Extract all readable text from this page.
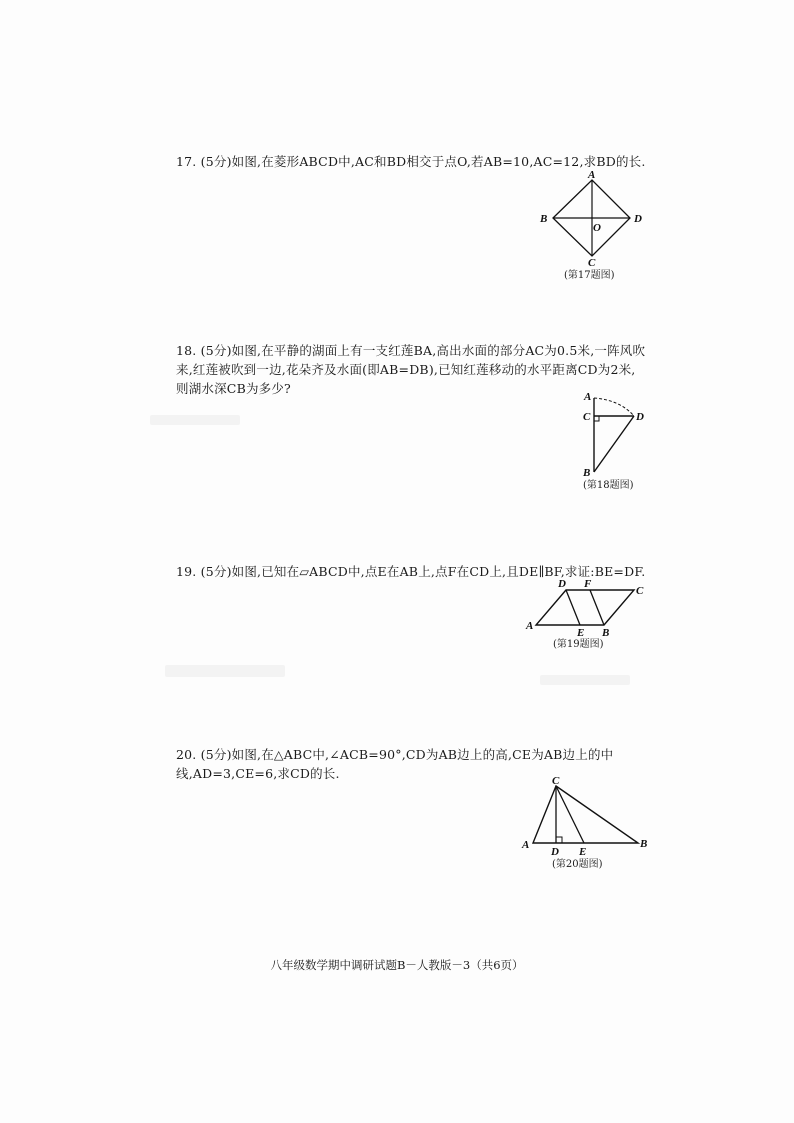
17. (5分)如图,在菱形ABCD中,AC和BD相交于点O,若AB=10,AC=12,求BD的长.
A
B
C
D
O
(第17题图)
18. (5分)如图,在平静的湖面上有一支红莲BA,高出水面的部分AC为0.5米,一阵风吹来,红莲被吹到一边,花朵齐及水面(即AB=DB),已知红莲移动的水平距离CD为2米,则湖水深CB为多少?
A
C	D
B
(第18题图)
19. (5分)如图,已知在▱ABCD中,点E在AB上,点F在CD上,且DE∥BF,求证:BE=DF.
D F
C
A
E B
(第19题图)
20. (5分)如图,在△ABC中,∠ACB=90°,CD为AB边上的高,CE为AB边上的中线,AD=3,CE=6,求CD的长.	C
A
D E
B
(第20题图)
八年级数学期中调研试题B－人教版－3（共6页）
